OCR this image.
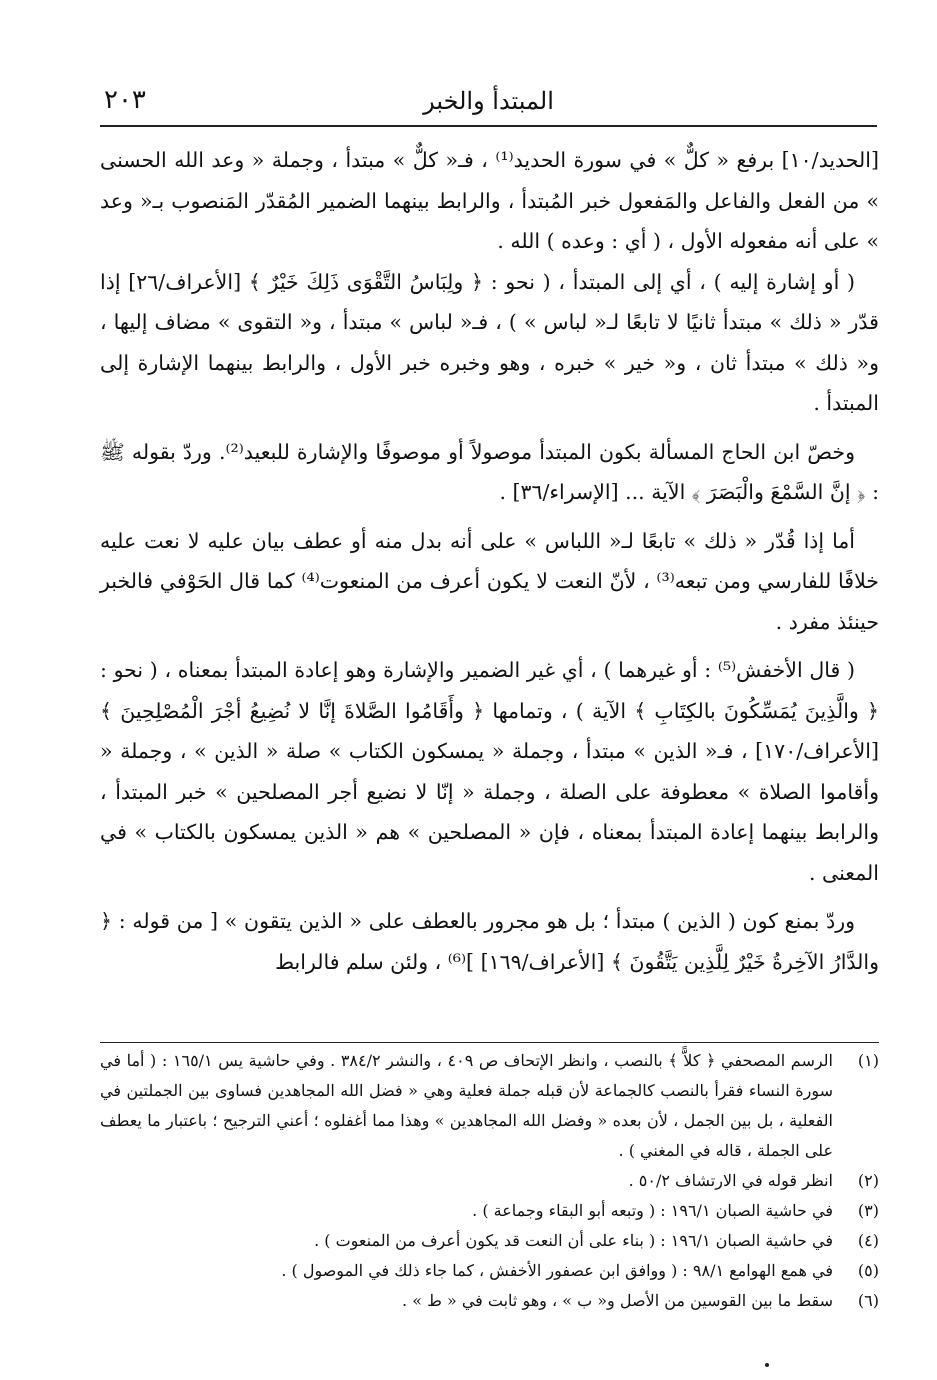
المبتدأ والخبر
٢٠٣

[الحديد/١٠] برفع « كلٌّ » في سورة الحديد⁽¹⁾ ، فـ« كلٌّ » مبتدأ ، وجملة « وعد الله الحسنى » من الفعل والفاعل والمَفعول خبر المُبتدأ ، والرابط بينهما الضمير المُقدّر المَنصوب بـ« وعد » على أنه مفعوله الأول ، ( أي : وعده ) الله .

( أو إشارة إليه ) ، أي إلى المبتدأ ، ( نحو : ﴿ ولِبَاسُ التَّقْوَى ذَلِكَ خَيْرٌ ﴾ [الأعراف/٢٦] إذا قدّر « ذلك » مبتدأ ثانيًا لا تابعًا لـ« لباس » ) ، فـ« لباس » مبتدأ ، و« التقوى » مضاف إليها ، و« ذلك » مبتدأ ثان ، و« خير » خبره ، وهو وخبره خبر الأول ، والرابط بينهما الإشارة إلى المبتدأ .

وخصّ ابن الحاج المسألة بكون المبتدأ موصولاً أو موصوفًا والإشارة للبعيد⁽²⁾. وردّ بقوله ﷺ : ﴿ إنَّ السَّمْعَ والْبَصَرَ ﴾ الآية ... [الإسراء/٣٦] .

أما إذا قُدّر « ذلك » تابعًا لـ« اللباس » على أنه بدل منه أو عطف بيان عليه لا نعت عليه خلافًا للفارسي ومن تبعه⁽³⁾ ، لأنّ النعت لا يكون أعرف من المنعوت⁽⁴⁾ كما قال الحَوْفي فالخبر حينئذ مفرد .

( قال الأخفش⁽⁵⁾ : أو غيرهما ) ، أي غير الضمير والإشارة وهو إعادة المبتدأ بمعناه ، ( نحو : ﴿ والَّذِينَ يُمَسِّكُونَ بالكِتَابِ ﴾ الآية ) ، وتمامها ﴿ وأَقَامُوا الصَّلاةَ إنَّا لا نُضِيعُ أجْرَ الْمُصْلِحِينَ ﴾ [الأعراف/١٧٠] ، فـ« الذين » مبتدأ ، وجملة « يمسكون الكتاب » صلة « الذين » ، وجملة « وأقاموا الصلاة » معطوفة على الصلة ، وجملة « إنّا لا نضيع أجر المصلحين » خبر المبتدأ ، والرابط بينهما إعادة المبتدأ بمعناه ، فإن « المصلحين » هم « الذين يمسكون بالكتاب » في المعنى .

وردّ بمنع كون ( الذين ) مبتدأ ؛ بل هو مجرور بالعطف على « الذين يتقون » [ من قوله : ﴿ والدَّارُ الآخِرةُ خَيْرٌ لِلَّذِين يَتَّقُونَ ﴾ [الأعراف/١٦٩] ]⁽⁶⁾ ، ولئن سلم فالرابط

(١)
الرسم المصحفي ﴿ كلاًّ ﴾ بالنصب ، وانظر الإتحاف ص ٤٠٩ ، والنشر ٣٨٤/٢ . وفي حاشية يس ١٦٥/١ : ( أما في سورة النساء فقرأ بالنصب كالجماعة لأن قبله جملة فعلية وهي « فضل الله المجاهدين فساوى بين الجملتين في الفعلية ، بل بين الجمل ، لأن بعده « وفضل الله المجاهدين » وهذا مما أغفلوه ؛ أعني الترجيح ؛ باعتبار ما يعطف على الجملة ، قاله في المغني ) .
(٢)
انظر قوله في الارتشاف ٥٠/٢ .
(٣)
في حاشية الصبان ١٩٦/١ : ( وتبعه أبو البقاء وجماعة ) .
(٤)
في حاشية الصبان ١٩٦/١ : ( بناء على أن النعت قد يكون أعرف من المنعوت ) .
(٥)
في همع الهوامع ٩٨/١ : ( ووافق ابن عصفور الأخفش ، كما جاء ذلك في الموصول ) .
(٦)
سقط ما بين القوسين من الأصل و« ب » ، وهو ثابت في « ط » .
